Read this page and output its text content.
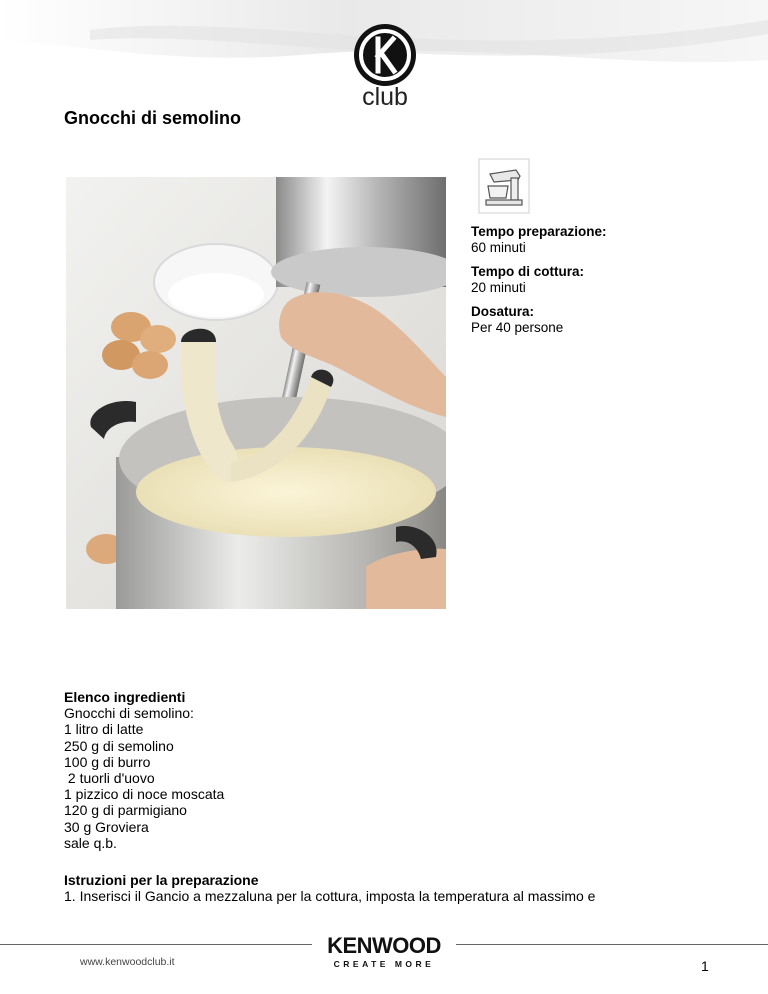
club
Gnocchi di semolino
Tempo preparazione:
60 minuti
Tempo di cottura:
20 minuti
Dosatura:
Per 40 persone
Elenco ingredienti
Gnocchi di semolino:
1 litro di latte
250 g di semolino
100 g di burro
2 tuorli d'uovo
1 pizzico di noce moscata
120 g di parmigiano
30 g Groviera
sale q.b.
Istruzioni per la preparazione
1. Inserisci il Gancio a mezzaluna per la cottura, imposta la temperatura al massimo e
www.kenwoodclub.it
KENWOOD
CREATE MORE	1
